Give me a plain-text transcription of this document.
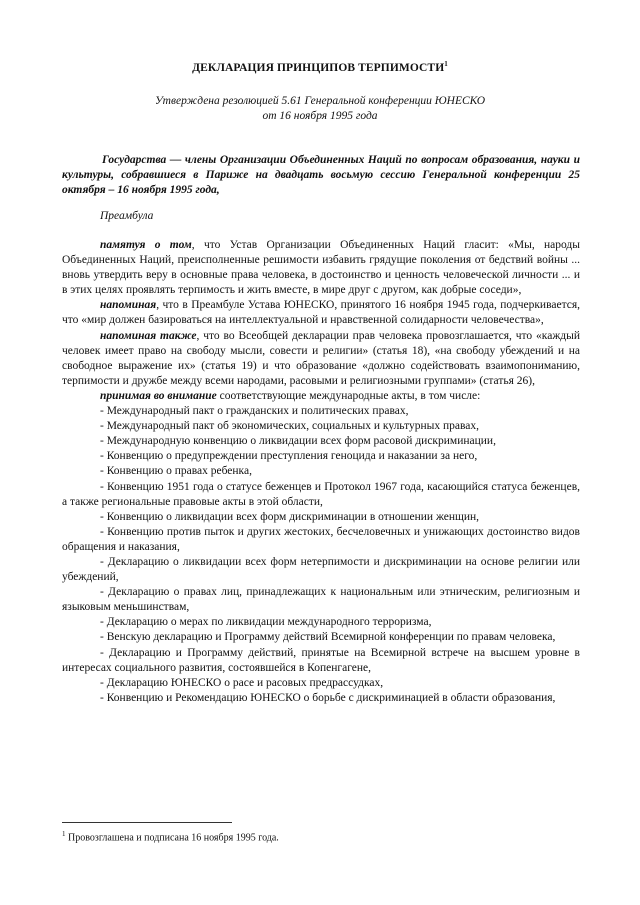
ДЕКЛАРАЦИЯ ПРИНЦИПОВ ТЕРПИМОСТИ$^1$
Утверждена резолюцией 5.61 Генеральной конференции ЮНЕСКО
от 16 ноября 1995 года
Государства — члены Организации Объединенных Наций по вопросам образования, науки и культуры, собравшиеся в Париже на двадцать восьмую сессию Генеральной конференции 25 октября – 16 ноября 1995 года,
Преамбула

памятуя о том, что Устав Организации Объединенных Наций гласит: «Мы, народы Объединенных Наций, преисполненные решимости избавить грядущие поколения от бедствий войны ... вновь утвердить веру в основные права человека, в достоинство и ценность человеческой личности ... и в этих целях проявлять терпимость и жить вместе, в мире друг с другом, как добрые соседи»,

напоминая, что в Преамбуле Устава ЮНЕСКО, принятого 16 ноября 1945 года, подчеркивается, что «мир должен базироваться на интеллектуальной и нравственной солидарности человечества»,

напоминая также, что во Всеобщей декларации прав человека провозглашается, что «каждый человек имеет право на свободу мысли, совести и религии» (статья 18), «на свободу убеждений и на свободное выражение их» (статья 19) и что образование «должно содействовать взаимопониманию, терпимости и дружбе между всеми народами, расовыми и религиозными группами» (статья 26),

принимая во внимание соответствующие международные акты, в том числе:

- Международный пакт о гражданских и политических правах,

- Международный пакт об экономических, социальных и культурных правах,

- Международную конвенцию о ликвидации всех форм расовой дискриминации,

- Конвенцию о предупреждении преступления геноцида и наказании за него,

- Конвенцию о правах ребенка,

- Конвенцию 1951 года о статусе беженцев и Протокол 1967 года, касающийся статуса беженцев, а также региональные правовые акты в этой области,

- Конвенцию о ликвидации всех форм дискриминации в отношении женщин,

- Конвенцию против пыток и других жестоких, бесчеловечных и унижающих достоинство видов обращения и наказания,

- Декларацию о ликвидации всех форм нетерпимости и дискриминации на основе религии или убеждений,

- Декларацию о правах лиц, принадлежащих к национальным или этническим, религиозным и языковым меньшинствам,

- Декларацию о мерах по ликвидации международного терроризма,

- Венскую декларацию и Программу действий Всемирной конференции по правам человека,

- Декларацию и Программу действий, принятые на Всемирной встрече на высшем уровне в интересах социального развития, состоявшейся в Копенгагене,

- Декларацию ЮНЕСКО о расе и расовых предрассудках,

- Конвенцию и Рекомендацию ЮНЕСКО о борьбе с дискриминацией в области образования,

$^1$ Провозглашена и подписана 16 ноября 1995 года.
